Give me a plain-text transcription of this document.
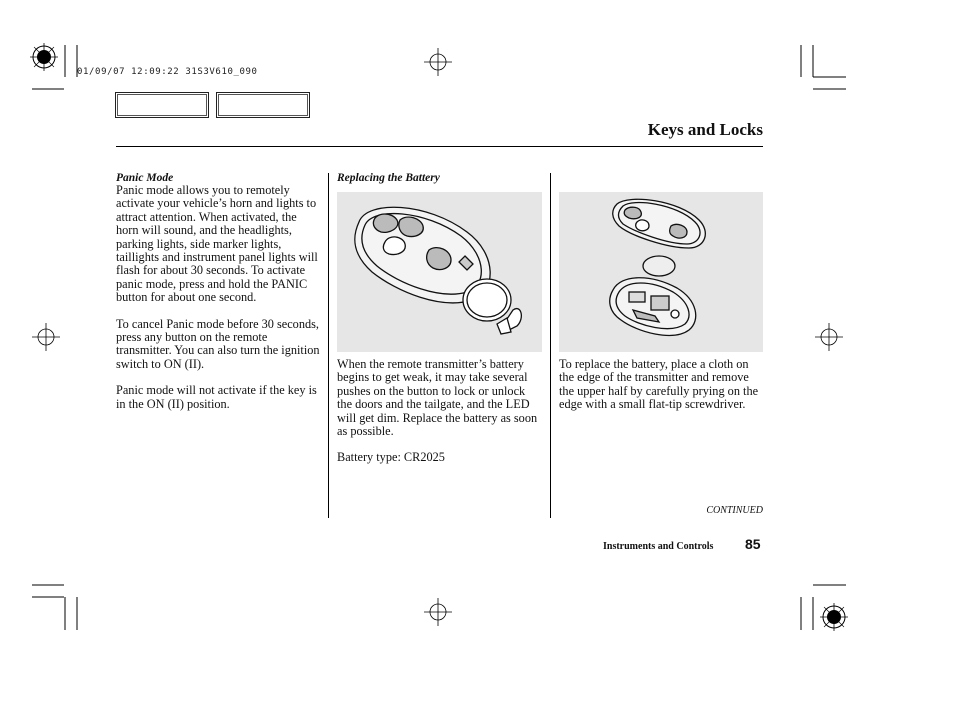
01/09/07 12:09:22 31S3V610_090
Keys and Locks

Panic Mode

Panic mode allows you to remotely activate your vehicle’s horn and lights to attract attention. When activated, the horn will sound, and the headlights, parking lights, side marker lights, taillights and instrument panel lights will flash for about 30 seconds. To activate panic mode, press and hold the PANIC button for about one second.

To cancel Panic mode before 30 seconds, press any button on the remote transmitter. You can also turn the ignition switch to ON (II).

Panic mode will not activate if the key is in the ON (II) position.

Replacing the Battery

When the remote transmitter’s battery begins to get weak, it may take several pushes on the button to lock or unlock the doors and the tailgate, and the LED will get dim. Replace the battery as soon as possible.

Battery type: CR2025

To replace the battery, place a cloth on the edge of the transmitter and remove the upper half by carefully prying on the edge with a small flat-tip screwdriver.

CONTINUED
Instruments and Controls 85
